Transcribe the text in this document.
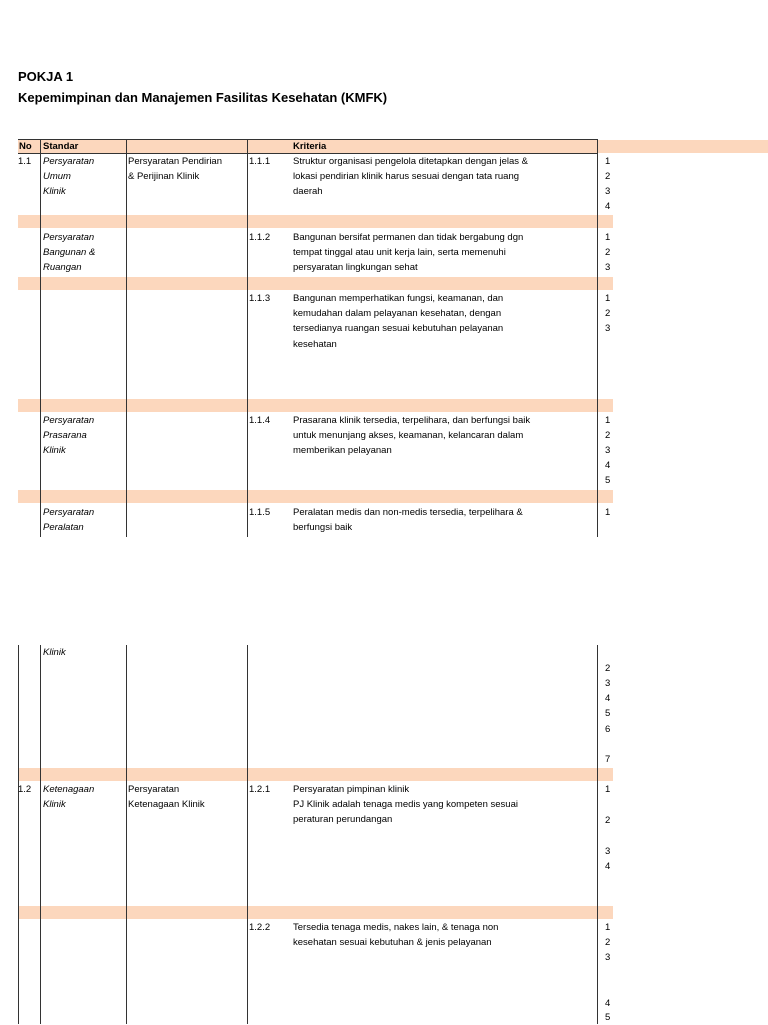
POKJA 1
Kepemimpinan dan Manajemen Fasilitas Kesehatan (KMFK)
No Standar	Kriteria
1.1 Persyaratan
Umum
Klinik
Persyaratan Pendirian
& Perijinan Klinik
1.1.1 Struktur organisasi pengelola ditetapkan dengan jelas &
lokasi pendirian klinik harus sesuai dengan tata ruang
daerah
1
2
3
4
Persyaratan
Bangunan &
Ruangan
1.1.2 Bangunan bersifat permanen dan tidak bergabung dgn
tempat tinggal atau unit kerja lain, serta memenuhi
persyaratan lingkungan sehat
1
2
3
1.1.3 Bangunan memperhatikan fungsi, keamanan, dan
kemudahan dalam pelayanan kesehatan, dengan
tersedianya ruangan sesuai kebutuhan pelayanan
kesehatan
1
2
3
Persyaratan
Prasarana
Klinik
1.1.4 Prasarana klinik tersedia, terpelihara, dan berfungsi baik
untuk menunjang akses, keamanan, kelancaran dalam
memberikan pelayanan
1
2
3
4
5
Persyaratan
Peralatan
1.1.5 Peralatan medis dan non-medis tersedia, terpelihara &
berfungsi baik
1
Klinik
2
3
4
5
6
7
1.2 Ketenagaan
Klinik
Persyaratan
Ketenagaan Klinik
1.2.1 Persyaratan pimpinan klinik
PJ Klinik adalah tenaga medis yang kompeten sesuai
peraturan perundangan
1
2
3
4
1.2.2 Tersedia tenaga medis, nakes lain, & tenaga non
kesehatan sesuai kebutuhan & jenis pelayanan
1
2
3
4
5
